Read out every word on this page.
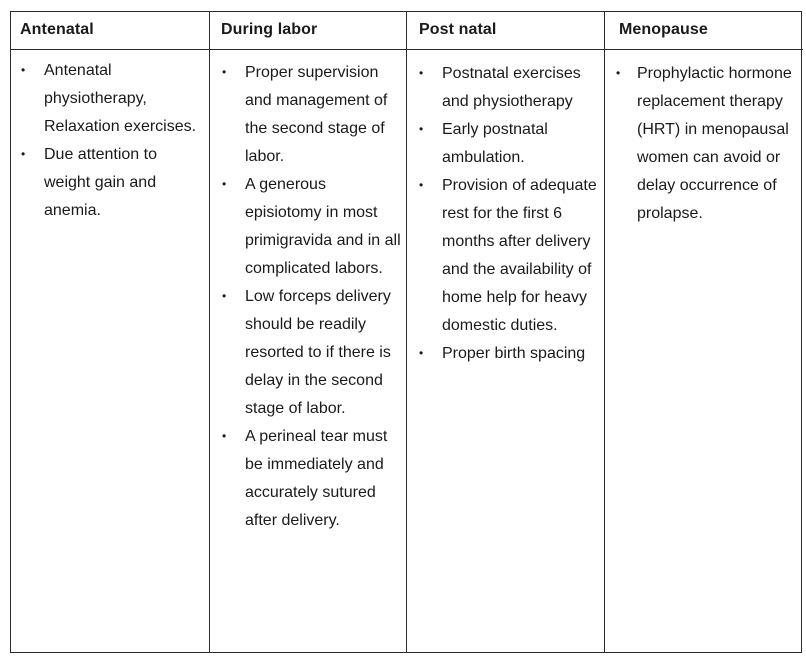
Antenatal
• Antenatal physiotherapy, Relaxation exercises.
• Due attention to weight gain and anemia.
During labor
• Proper supervision and management of the second stage of labor.
• A generous episiotomy in most primigravida and in all complicated labors.
• Low forceps delivery should be readily resorted to if there is delay in the second stage of labor.
• A perineal tear must be immediately and accurately sutured after delivery.
Post natal
• Postnatal exercises and physiotherapy
• Early postnatal ambulation.
• Provision of adequate rest for the first 6 months after delivery and the availability of home help for heavy domestic duties.
• Proper birth spacing
Menopause
• Prophylactic hormone replacement therapy (HRT) in menopausal women can avoid or delay occurrence of prolapse.
